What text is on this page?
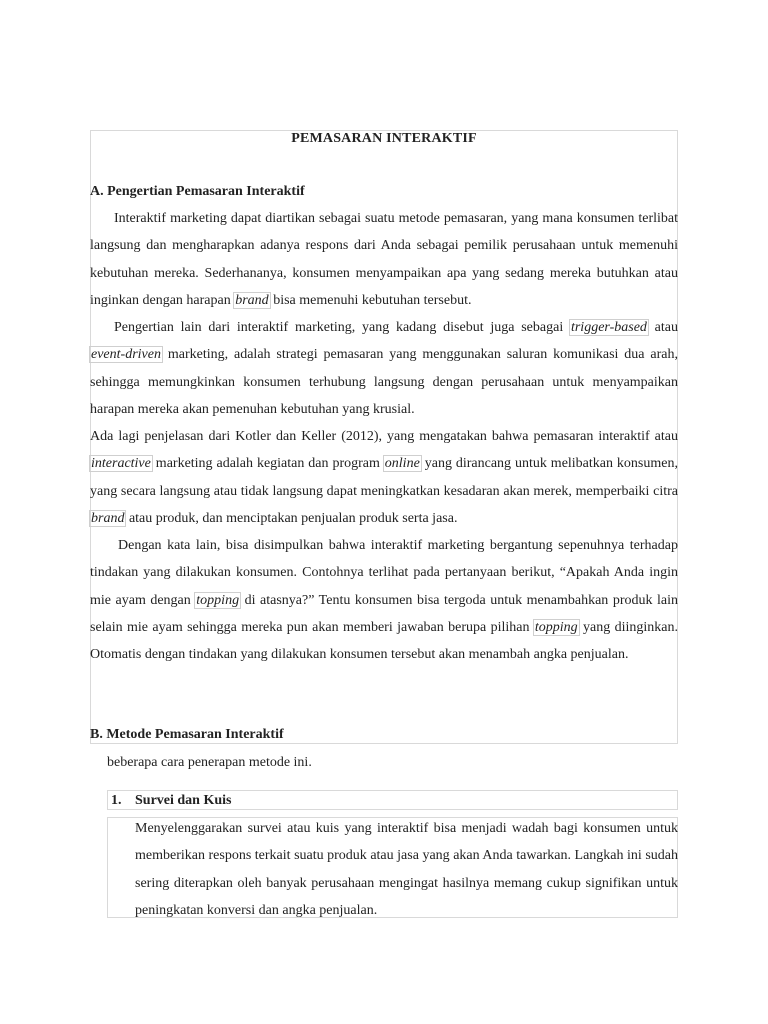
PEMASARAN INTERAKTIF
A. Pengertian Pemasaran Interaktif
Interaktif marketing dapat diartikan sebagai suatu metode pemasaran, yang mana konsumen terlibat langsung dan mengharapkan adanya respons dari Anda sebagai pemilik perusahaan untuk memenuhi kebutuhan mereka. Sederhananya, konsumen menyampaikan apa yang sedang mereka butuhkan atau inginkan dengan harapan brand bisa memenuhi kebutuhan tersebut.
Pengertian lain dari interaktif marketing, yang kadang disebut juga sebagai trigger-based atau event-driven marketing, adalah strategi pemasaran yang menggunakan saluran komunikasi dua arah, sehingga memungkinkan konsumen terhubung langsung dengan perusahaan untuk menyampaikan harapan mereka akan pemenuhan kebutuhan yang krusial.
Ada lagi penjelasan dari Kotler dan Keller (2012), yang mengatakan bahwa pemasaran interaktif atau interactive marketing adalah kegiatan dan program online yang dirancang untuk melibatkan konsumen, yang secara langsung atau tidak langsung dapat meningkatkan kesadaran akan merek, memperbaiki citra brand atau produk, dan menciptakan penjualan produk serta jasa.
Dengan kata lain, bisa disimpulkan bahwa interaktif marketing bergantung sepenuhnya terhadap tindakan yang dilakukan konsumen. Contohnya terlihat pada pertanyaan berikut, “Apakah Anda ingin mie ayam dengan topping di atasnya?” Tentu konsumen bisa tergoda untuk menambahkan produk lain selain mie ayam sehingga mereka pun akan memberi jawaban berupa pilihan topping yang diinginkan. Otomatis dengan tindakan yang dilakukan konsumen tersebut akan menambah angka penjualan.
B. Metode Pemasaran Interaktif
beberapa cara penerapan metode ini.
1. Survei dan Kuis
Menyelenggarakan survei atau kuis yang interaktif bisa menjadi wadah bagi konsumen untuk memberikan respons terkait suatu produk atau jasa yang akan Anda tawarkan. Langkah ini sudah sering diterapkan oleh banyak perusahaan mengingat hasilnya memang cukup signifikan untuk peningkatan konversi dan angka penjualan.
